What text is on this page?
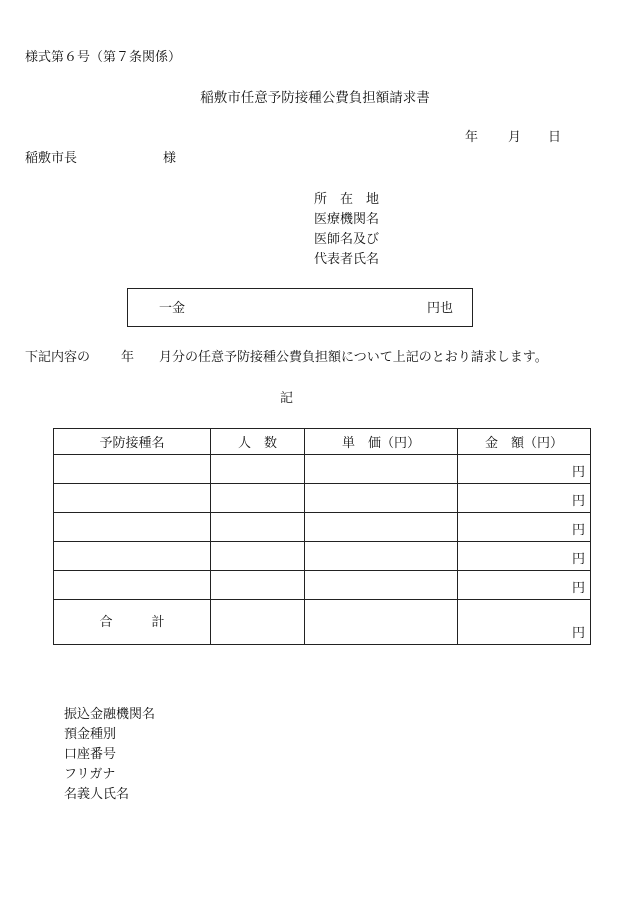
様式第６号（第７条関係）
稲敷市任意予防接種公費負担額請求書
年 月 日
稲敷市長	様
所　在　地
医療機関名
医師名及び
代表者氏名
一金	円也
下記内容の 年 月分の任意予防接種公費負担額について上記のとおり請求します。
記
予防接種名	人　数	単　価（円）	金　額（円）
			円
			円
			円
			円
			円
合　　　計			円
振込金融機関名
預金種別
口座番号
フリガナ
名義人氏名
